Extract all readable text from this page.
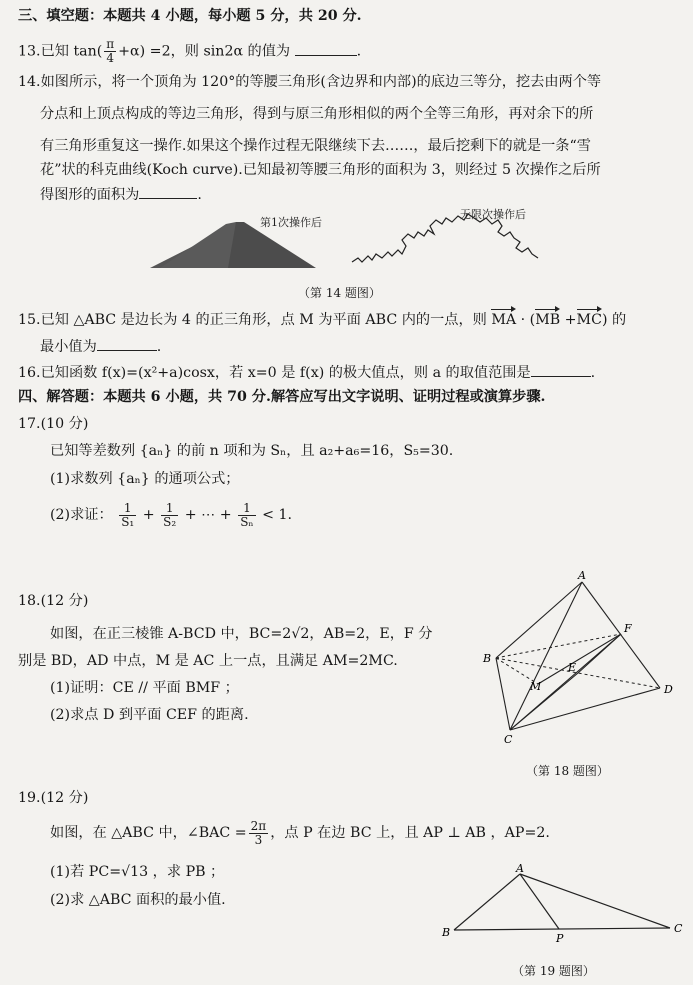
三、填空题：本题共 4 小题，每小题 5 分，共 20 分.
13.已知 $\tan( \frac{\pi}{4} +\alpha) =2$，则 sin2α 的值为	.
14.如图所示，将一个顶角为 120°的等腰三角形(含边界和内部)的底边三等分，挖去由两个等
分点和上顶点构成的等边三角形，得到与原三角形相似的两个全等三角形，再对余下的所
有三角形重复这一操作.如果这个操作过程无限继续下去……，最后挖剩下的就是一条“雪
花”状的科克曲线(Koch curve).已知最初等腰三角形的面积为 3，则经过 5 次操作之后所
得图形的面积为	.
第1次操作后
无限次操作后
（第 14 题图）
15.已知 △ABC 是边长为 4 的正三角形，点 M 为平面 ABC 内的一点，则 MA · (MB +MC) 的
最小值为	.
16.已知函数 f(x)=(x²+a)cosx，若 x=0 是 f(x) 的极大值点，则 a 的取值范围是	.
四、解答题：本题共 6 小题，共 70 分.解答应写出文字说明、证明过程或演算步骤.
17.(10 分)
已知等差数列 {aₙ} 的前 n 项和为 Sₙ，且 a₂+a₆=16，S₅=30.
(1)求数列 {aₙ} 的通项公式；
(2)求证： $\frac{1}{\text{S₁}} + \frac{1}{\text{S₂}}$ + ⋯ + $\frac{1}{\text{Sₙ}} < 1$.
18.(12 分)
如图，在正三棱锥 A-BCD 中，BC=2√2，AB=2，E，F 分
别是 BD，AD 中点，M 是 AC 上一点，且满足 AM=2MC.
(1)证明：CE // 平面 BMF ；
(2)求点 D 到平面 CEF 的距离.
A
B
C
D
E
F
M
（第 18 题图）
19.(12 分)
如图，在 △ABC 中，∠BAC = $\frac{2\pi}{3}$ ，点 P 在边 BC 上，且 AP ⊥ AB ，AP=2.
(1)若 PC=√13 ，求 PB ；
(2)求 △ABC 面积的最小值.
A
B	C
P
（第 19 题图）
